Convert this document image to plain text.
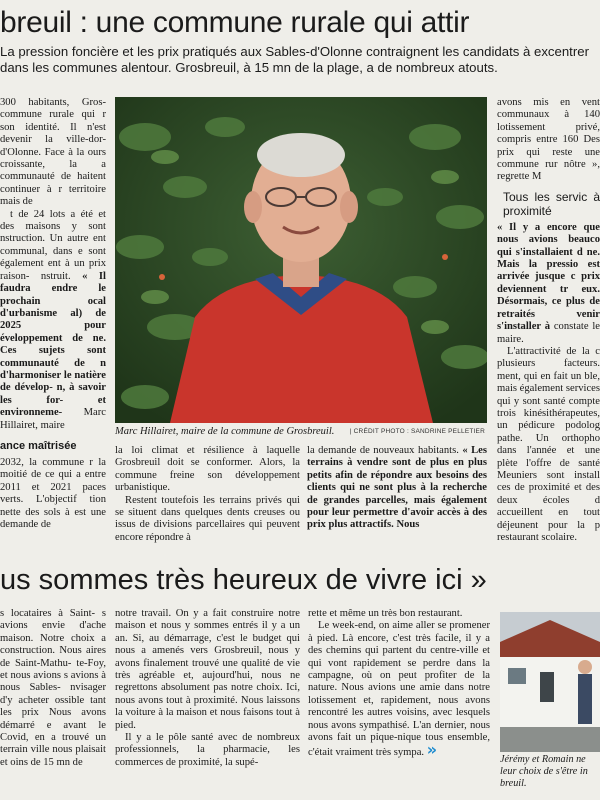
breuil : une commune rurale qui attir
La pression foncière et les prix pratiqués aux Sables-d'Olonne contraignent les candidats à excentrer dans les communes alentour. Grosbreuil, à 15 mn de la plage, a de nombreux atouts.

300 habitants, Gros- commune rurale qui r son identité. Il n'est devenir la ville-dor- d'Olonne. Face à la ours croissante, la a communauté de haitent continuer à r territoire mais de

t de 24 lots a été et des maisons y sont nstruction. Un autre ent communal, dans e sont également ent à un prix raison- nstruit. « Il faudra endre le prochain ocal d'urbanisme al) de 2025 pour éveloppement de ne. Ces sujets sont communauté de n d'harmoniser le natière de dévelop- n, à savoir les for- et environneme- Marc Hillairet, maire

ance maîtrisée

2032, la commune r la moitié de ce qui a entre 2011 et 2021 paces verts. L'objectif tion nette des sols à est une demande de

Marc Hillairet, maire de la commune de Grosbreuil. | CRÉDIT PHOTO : SANDRINE PELLETIER

la loi climat et résilience à laquelle Grosbreuil doit se conformer. Alors, la commune freine son développement urbanistique.

Restent toutefois les terrains privés qui se situent dans quelques dents creuses ou issus de divisions parcellaires qui peuvent encore répondre à

la demande de nouveaux habitants. « Les terrains à vendre sont de plus en plus petits afin de répondre aux besoins des clients qui ne sont plus à la recherche de grandes parcelles, mais également pour leur permettre d'avoir accès à des prix plus attractifs. Nous

avons mis en vent communaux à 140 lotissement privé, compris entre 160 Des prix qui reste une commune rur nôtre », regrette M

Tous les servic à proximité

« Il y a encore que nous avions beauco qui s'installaient d ne. Mais la pressio est arrivée jusque c prix deviennent tr eux. Désormais, ce plus de retraités venir s'installer à constate le maire.

L'attractivité de la c plusieurs facteurs. ment, qui en fait un ble, mais également services qui y sont santé compte trois kinésithérapeutes, un pédicure podolog pathe. Un orthopho dans l'année et une plète l'offre de santé Meuniers sont install ces de proximité et des deux écoles d accueillent en tout déjeunent pour la p restaurant scolaire.

us sommes très heureux de vivre ici »

s locataires à Saint- s avions envie d'ache maison. Notre choix a construction. Nous aires de Saint-Mathu- te-Foy, et nous avions s avions à nous Sables- nvisager d'y acheter ossible tant les prix Nous avons démarré e avant le Covid, en a trouvé un terrain ville nous plaisait et oins de 15 mn de

notre travail. On y a fait construire notre maison et nous y sommes entrés il y a un an. Si, au démarrage, c'est le budget qui nous a amenés vers Grosbreuil, nous y avons finalement trouvé une qualité de vie très agréable et, aujourd'hui, nous ne regrettons absolument pas notre choix. Ici, nous avons tout à proximité. Nous laissons la voiture à la maison et nous faisons tout à pied.

Il y a le pôle santé avec de nombreux professionnels, la pharmacie, les commerces de proximité, la supé-

rette et même un très bon restaurant.

Le week-end, on aime aller se promener à pied. Là encore, c'est très facile, il y a des chemins qui partent du centre-ville et qui vont rapidement se perdre dans la campagne, où on peut profiter de la nature. Nous avions une amie dans notre lotissement et, rapidement, nous avons rencontré les autres voisins, avec lesquels nous avons sympathisé. L'an dernier, nous avons fait un pique-nique tous ensemble, c'était vraiment très sympa. »

Jérémy et Romain ne leur choix de s'être in breuil.
